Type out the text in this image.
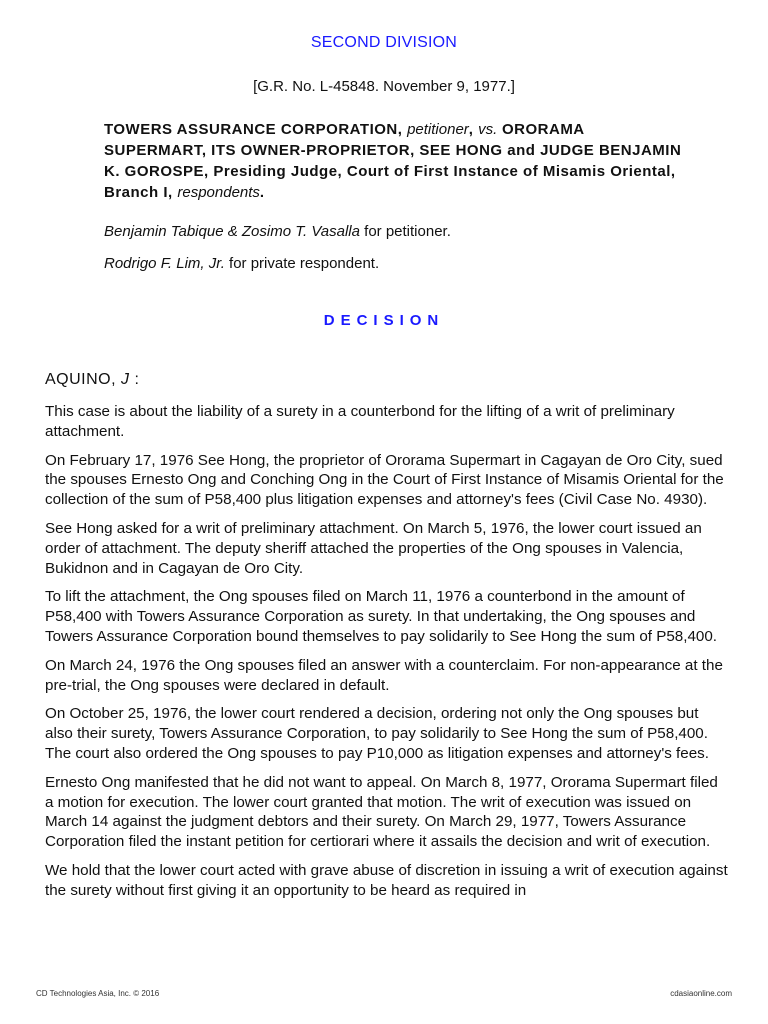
SECOND DIVISION
[G.R. No. L-45848. November 9, 1977.]
TOWERS ASSURANCE CORPORATION, petitioner, vs. ORORAMA SUPERMART, ITS OWNER-PROPRIETOR, SEE HONG and JUDGE BENJAMIN K. GOROSPE, Presiding Judge, Court of First Instance of Misamis Oriental, Branch I, respondents.
Benjamin Tabique & Zosimo T. Vasalla for petitioner.
Rodrigo F. Lim, Jr. for private respondent.
DECISION
AQUINO, J :

This case is about the liability of a surety in a counterbond for the lifting of a writ of preliminary attachment.

On February 17, 1976 See Hong, the proprietor of Ororama Supermart in Cagayan de Oro City, sued the spouses Ernesto Ong and Conching Ong in the Court of First Instance of Misamis Oriental for the collection of the sum of P58,400 plus litigation expenses and attorney's fees (Civil Case No. 4930).

See Hong asked for a writ of preliminary attachment. On March 5, 1976, the lower court issued an order of attachment. The deputy sheriff attached the properties of the Ong spouses in Valencia, Bukidnon and in Cagayan de Oro City.

To lift the attachment, the Ong spouses filed on March 11, 1976 a counterbond in the amount of P58,400 with Towers Assurance Corporation as surety. In that undertaking, the Ong spouses and Towers Assurance Corporation bound themselves to pay solidarily to See Hong the sum of P58,400.

On March 24, 1976 the Ong spouses filed an answer with a counterclaim. For non-appearance at the pre-trial, the Ong spouses were declared in default.

On October 25, 1976, the lower court rendered a decision, ordering not only the Ong spouses but also their surety, Towers Assurance Corporation, to pay solidarily to See Hong the sum of P58,400. The court also ordered the Ong spouses to pay P10,000 as litigation expenses and attorney's fees.

Ernesto Ong manifested that he did not want to appeal. On March 8, 1977, Ororama Supermart filed a motion for execution. The lower court granted that motion. The writ of execution was issued on March 14 against the judgment debtors and their surety. On March 29, 1977, Towers Assurance Corporation filed the instant petition for certiorari where it assails the decision and writ of execution.

We hold that the lower court acted with grave abuse of discretion in issuing a writ of execution against the surety without first giving it an opportunity to be heard as required in

CD Technologies Asia, Inc. © 2016	cdasiaonline.com
